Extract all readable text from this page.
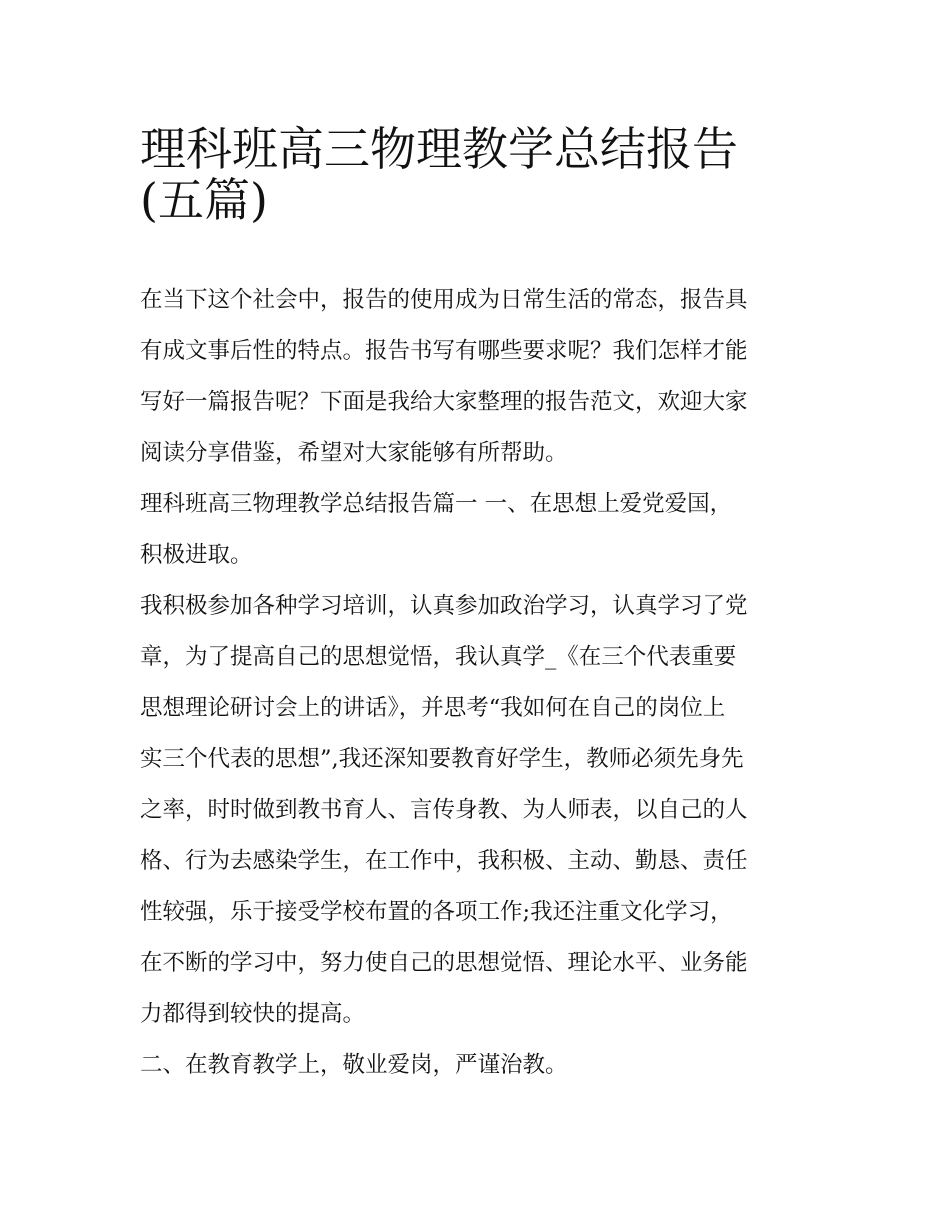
理科班高三物理教学总结报告
(五篇)
在当下这个社会中，报告的使用成为日常生活的常态，报告具
有成文事后性的特点。报告书写有哪些要求呢？我们怎样才能
写好一篇报告呢？下面是我给大家整理的报告范文，欢迎大家
阅读分享借鉴，希望对大家能够有所帮助。
理科班高三物理教学总结报告篇一 一、在思想上爱党爱国，
积极进取。
我积极参加各种学习培训，认真参加政治学习，认真学习了党
章，为了提高自己的思想觉悟，我认真学_《在三个代表重要
思想理论研讨会上的讲话》，并思考“我如何在自己的岗位上
实三个代表的思想”,我还深知要教育好学生，教师必须先身先
之率，时时做到教书育人、言传身教、为人师表，以自己的人
格、行为去感染学生，在工作中，我积极、主动、勤恳、责任
性较强，乐于接受学校布置的各项工作;我还注重文化学习，
在不断的学习中，努力使自己的思想觉悟、理论水平、业务能
力都得到较快的提高。
二、在教育教学上，敬业爱岗，严谨治教。
